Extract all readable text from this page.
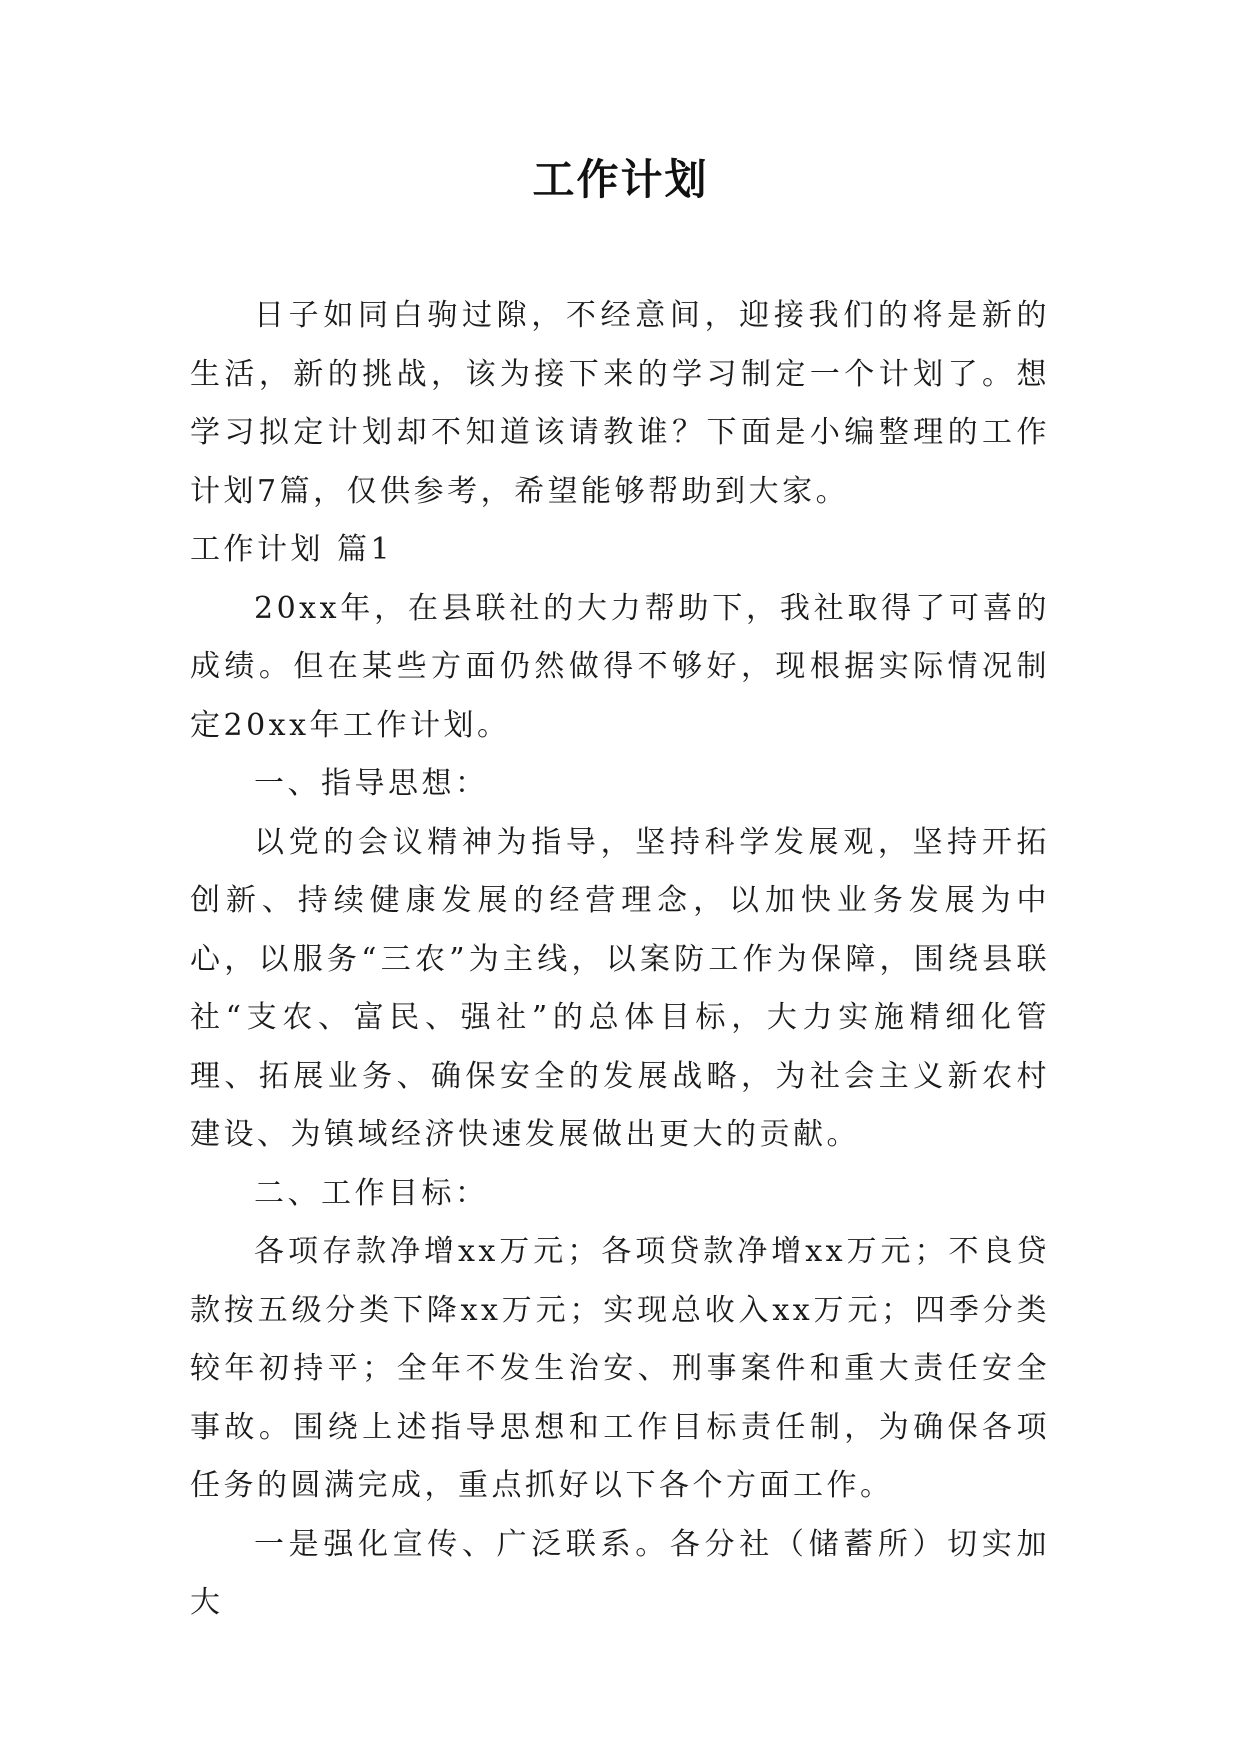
工作计划

日子如同白驹过隙，不经意间，迎接我们的将是新的生活，新的挑战，该为接下来的学习制定一个计划了。想学习拟定计划却不知道该请教谁？下面是小编整理的工作计划7篇，仅供参考，希望能够帮助到大家。

工作计划 篇1

20xx年，在县联社的大力帮助下，我社取得了可喜的成绩。但在某些方面仍然做得不够好，现根据实际情况制定20xx年工作计划。

一、指导思想：

以党的会议精神为指导，坚持科学发展观，坚持开拓创新、持续健康发展的经营理念，以加快业务发展为中心，以服务“三农”为主线，以案防工作为保障，围绕县联社“支农、富民、强社”的总体目标，大力实施精细化管理、拓展业务、确保安全的发展战略，为社会主义新农村建设、为镇域经济快速发展做出更大的贡献。

二、工作目标：

各项存款净增xx万元；各项贷款净增xx万元；不良贷款按五级分类下降xx万元；实现总收入xx万元；四季分类较年初持平；全年不发生治安、刑事案件和重大责任安全事故。围绕上述指导思想和工作目标责任制，为确保各项任务的圆满完成，重点抓好以下各个方面工作。

一是强化宣传、广泛联系。各分社（储蓄所）切实加大
